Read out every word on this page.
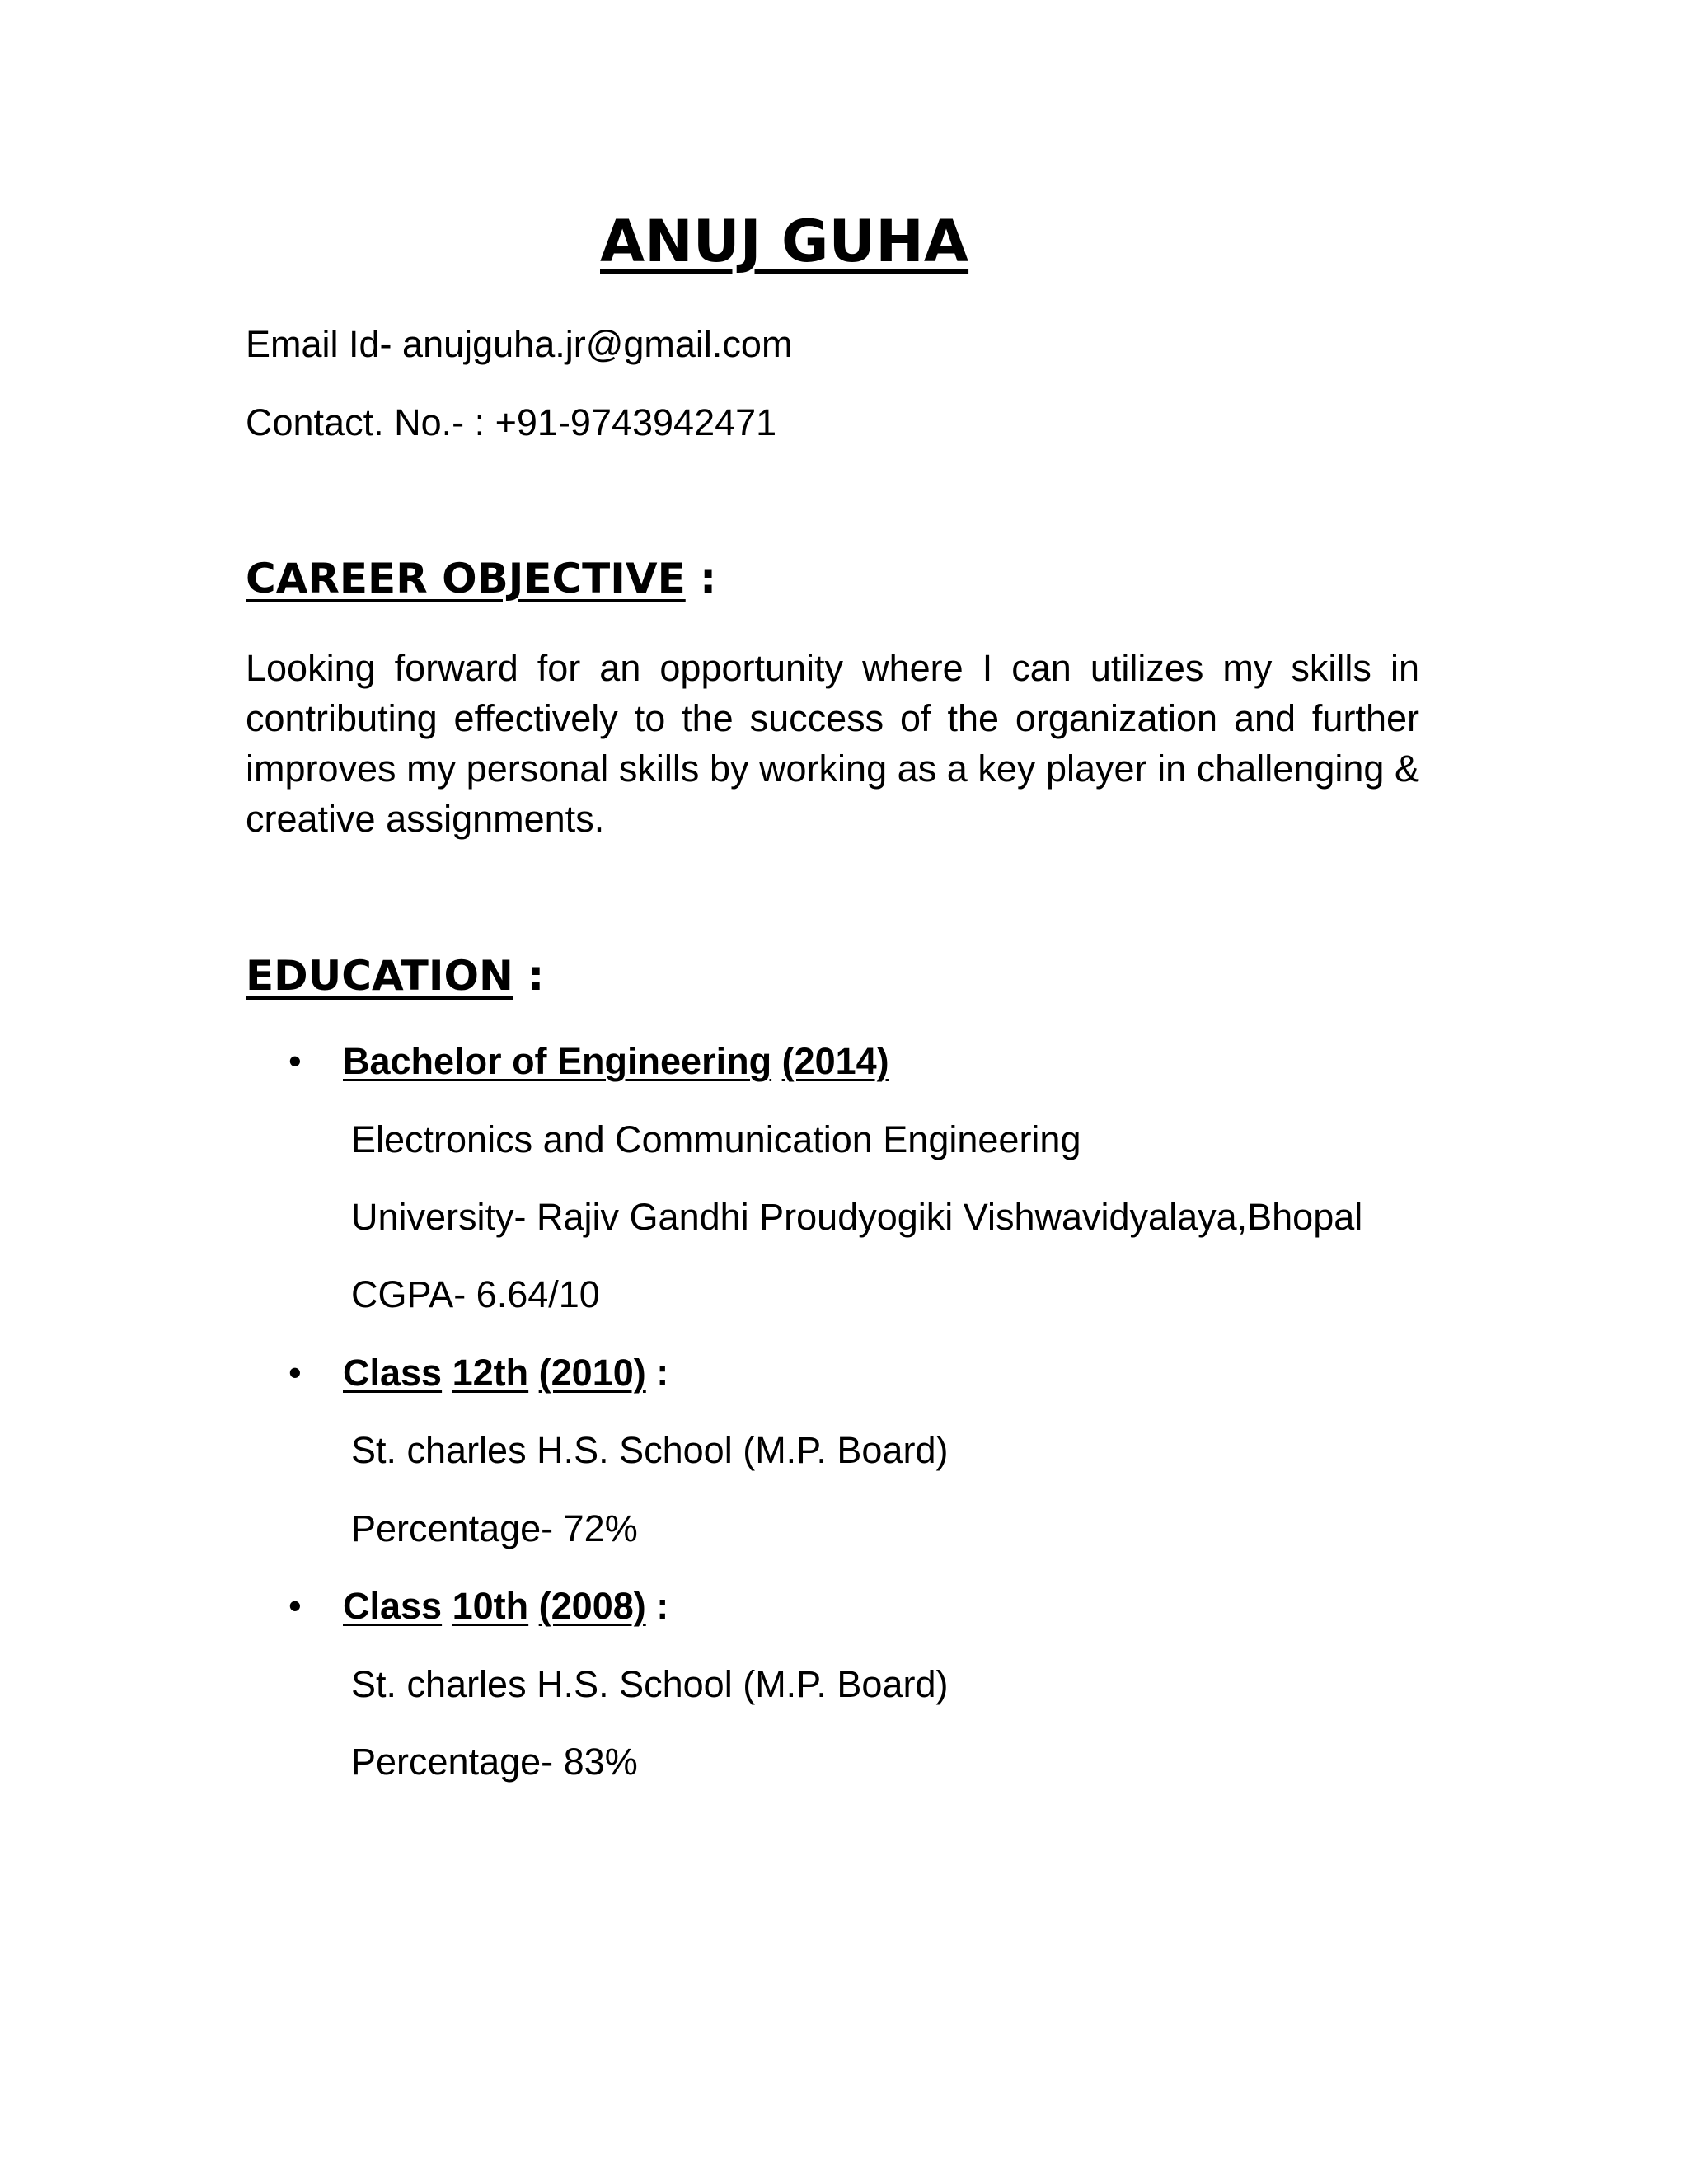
ANUJ GUHA
Email Id- anujguha.jr@gmail.com
Contact. No.- : +91-9743942471
CAREER OBJECTIVE :
Looking forward for an opportunity where I can utilizes my skills in contributing effectively to the success of the organization and further improves my personal skills by working as a key player in challenging & creative assignments.
EDUCATION :
• Bachelor of Engineering (2014)
Electronics and Communication Engineering
University- Rajiv Gandhi Proudyogiki Vishwavidyalaya,Bhopal
CGPA- 6.64/10
• Class 12th (2010) :
St. charles H.S. School (M.P. Board)
Percentage- 72%
• Class 10th (2008) :
St. charles H.S. School (M.P. Board)
Percentage- 83%
